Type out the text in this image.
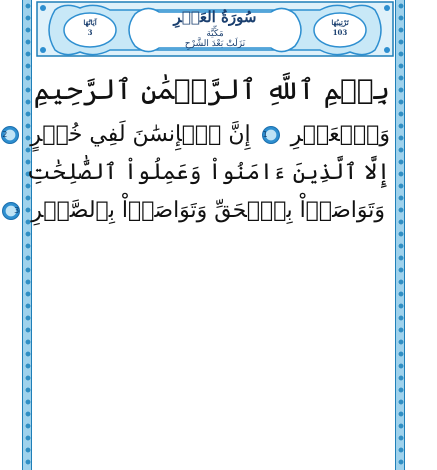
سُورَةُ العَصۡرِ
مَكِّيَّة
نَزَلَتْ بَعْدَ الشَّرْحِ
تَرْتِيبُهَا
103
آيَاتُهَا
3
بِسۡمِ ٱللَّهِ ٱلرَّحۡمَٰنِ ٱلرَّحِيمِ
وَٱلۡعَصۡرِ 1 إِنَّ ٱلۡإِنسَٰنَ لَفِي خُسۡرٍ 2
إِلَّا ٱلَّذِينَ ءَامَنُواْ وَعَمِلُواْ ٱلصَّٰلِحَٰتِ
وَتَوَاصَوۡاْ بِٱلۡحَقِّ وَتَوَاصَوۡاْ بِٱلصَّبۡرِ 3
